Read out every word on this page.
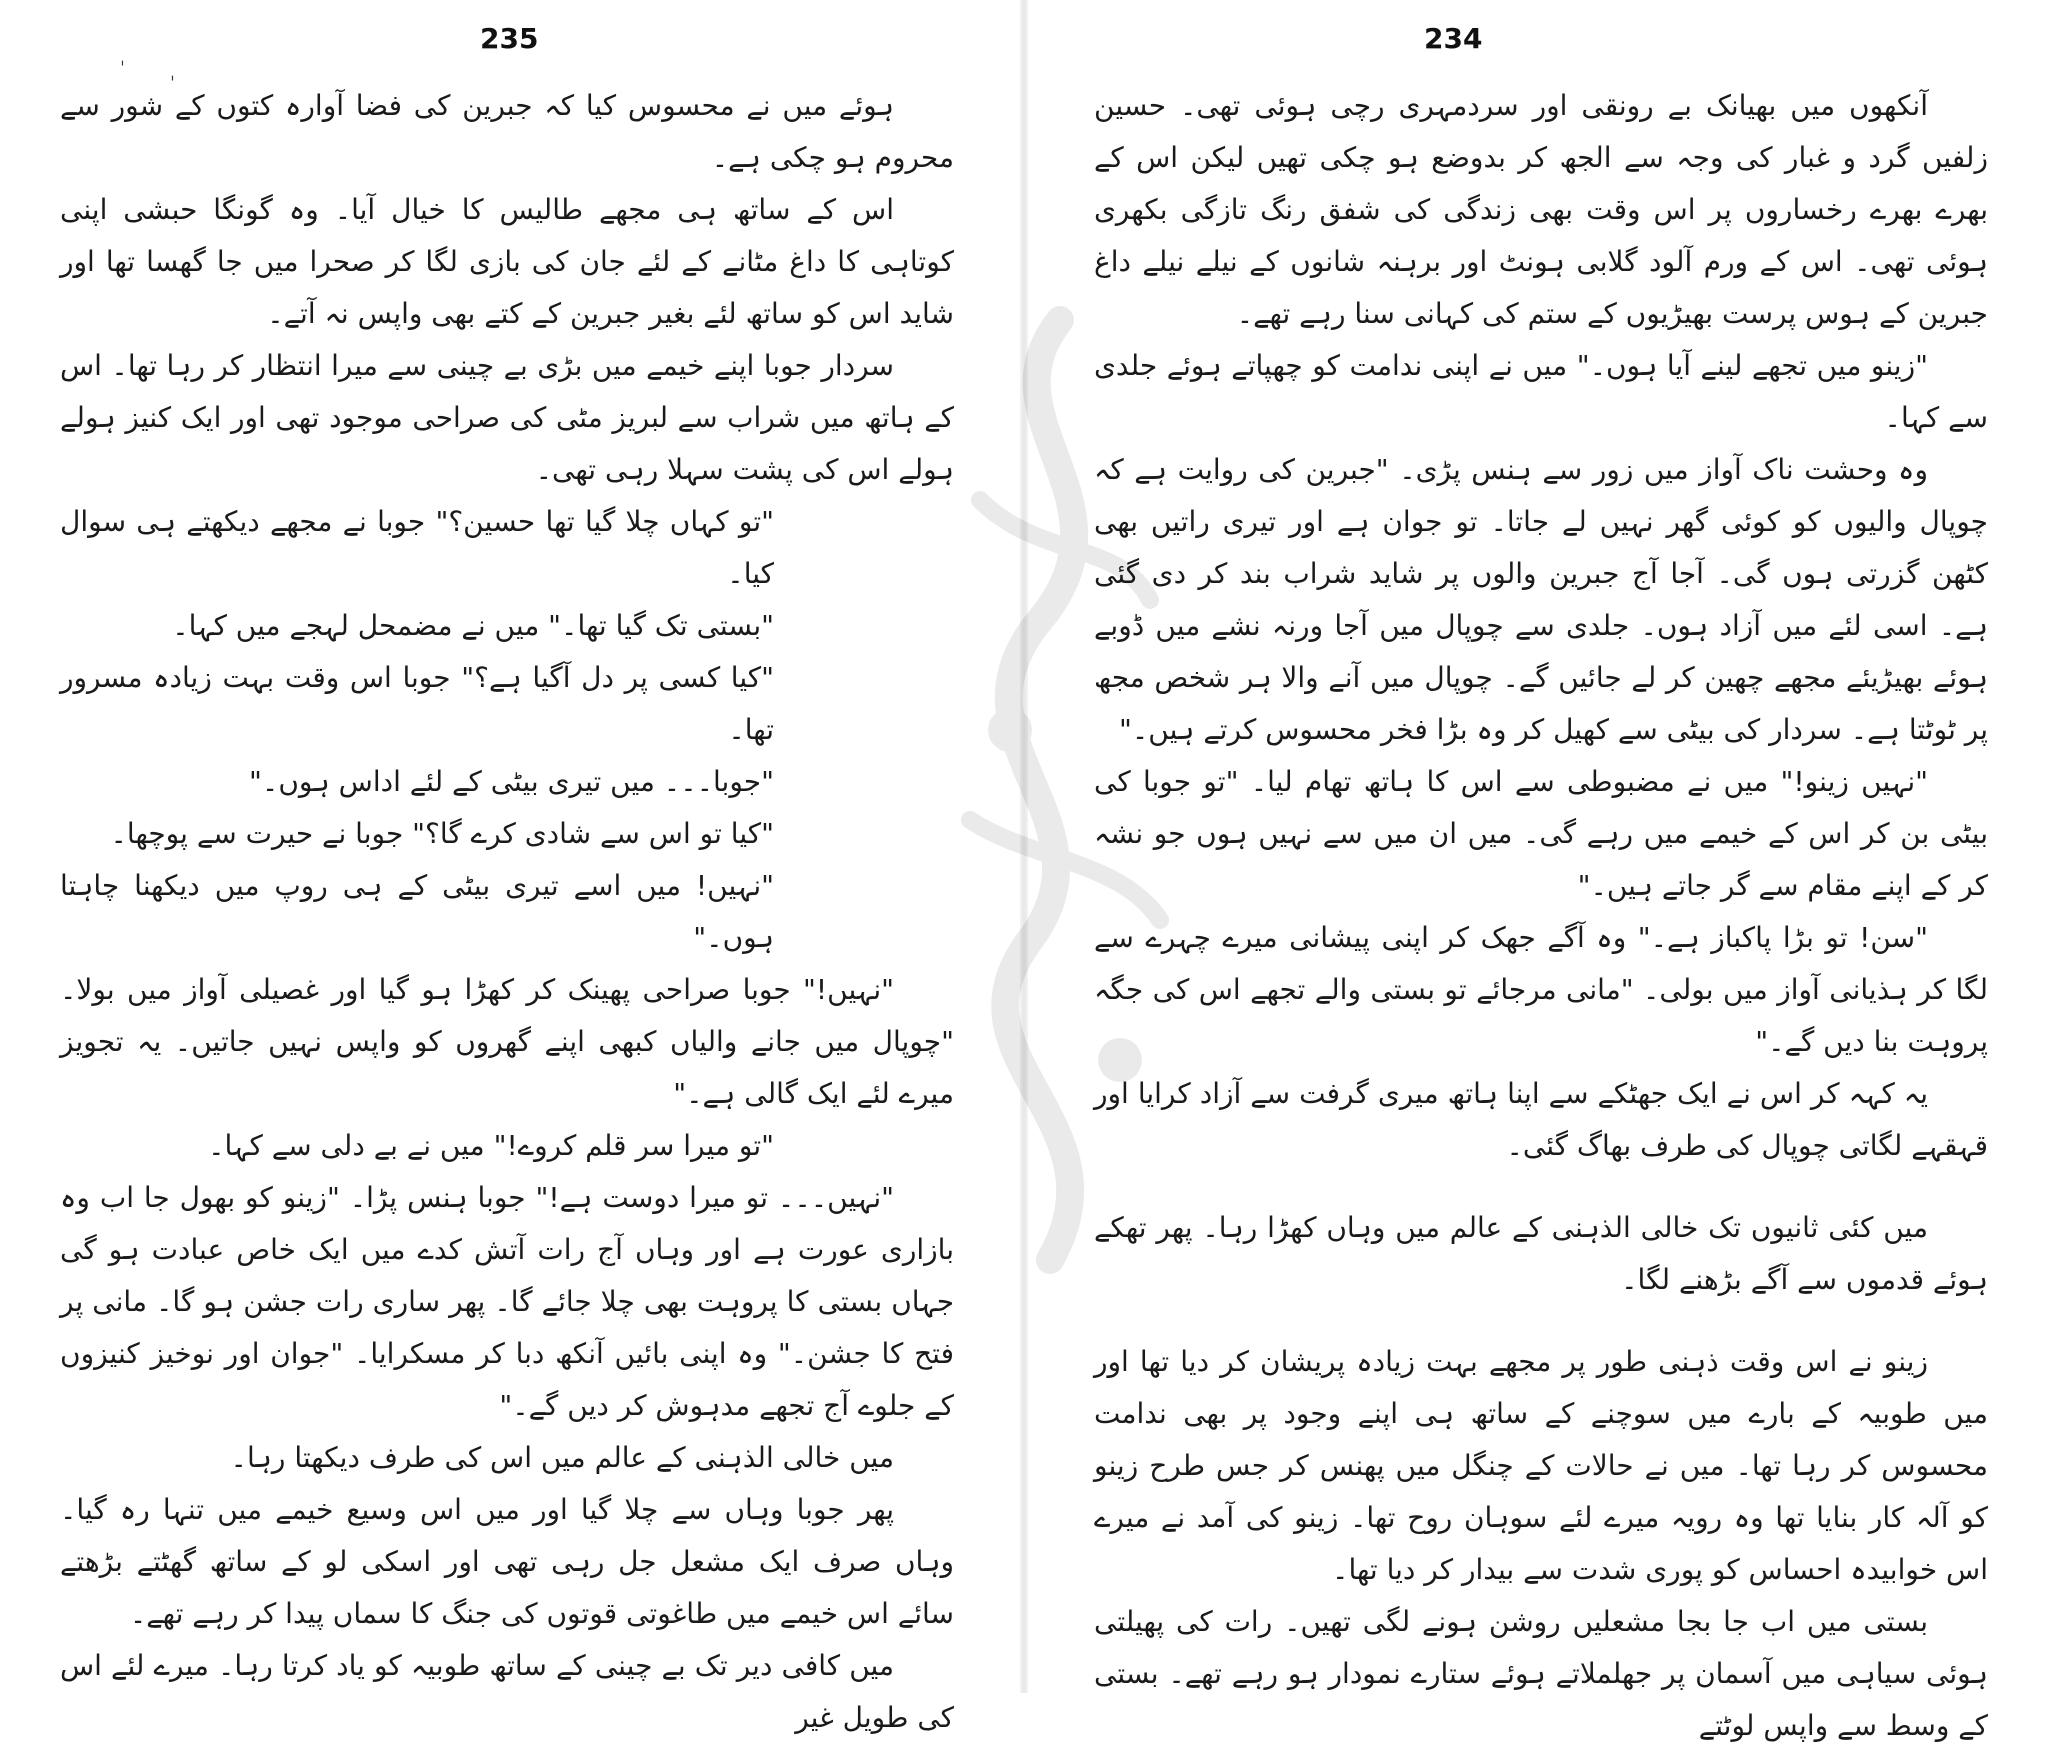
235
ˈ	ˌ

ہوئے میں نے محسوس کیا کہ جبرین کی فضا آوارہ کتوں کے شور سے محروم ہو چکی ہے۔

اس کے ساتھ ہی مجھے طالیس کا خیال آیا۔ وہ گونگا حبشی اپنی کوتاہی کا داغ مٹانے کے لئے جان کی بازی لگا کر صحرا میں جا گھسا تھا اور شاید اس کو ساتھ لئے بغیر جبرین کے کتے بھی واپس نہ آتے۔

سردار جوبا اپنے خیمے میں بڑی بے چینی سے میرا انتظار کر رہا تھا۔ اس کے ہاتھ میں شراب سے لبریز مٹی کی صراحی موجود تھی اور ایک کنیز ہولے ہولے اس کی پشت سہلا رہی تھی۔

"تو کہاں چلا گیا تھا حسین؟" جوبا نے مجھے دیکھتے ہی سوال کیا۔

"بستی تک گیا تھا۔" میں نے مضمحل لہجے میں کہا۔

"کیا کسی پر دل آگیا ہے؟" جوبا اس وقت بہت زیادہ مسرور تھا۔

"جوبا۔۔۔ میں تیری بیٹی کے لئے اداس ہوں۔"

"کیا تو اس سے شادی کرے گا؟" جوبا نے حیرت سے پوچھا۔

"نہیں! میں اسے تیری بیٹی کے ہی روپ میں دیکھنا چاہتا ہوں۔"

"نہیں!" جوبا صراحی پھینک کر کھڑا ہو گیا اور غصیلی آواز میں بولا۔ "چوپال میں جانے والیاں کبھی اپنے گھروں کو واپس نہیں جاتیں۔ یہ تجویز میرے لئے ایک گالی ہے۔"

"تو میرا سر قلم کروے!" میں نے بے دلی سے کہا۔

"نہیں۔۔۔ تو میرا دوست ہے!" جوبا ہنس پڑا۔ "زینو کو بھول جا اب وہ بازاری عورت ہے اور وہاں آج رات آتش کدے میں ایک خاص عبادت ہو گی جہاں بستی کا پروہت بھی چلا جائے گا۔ پھر ساری رات جشن ہو گا۔ مانی پر فتح کا جشن۔" وہ اپنی بائیں آنکھ دبا کر مسکرایا۔ "جوان اور نوخیز کنیزوں کے جلوے آج تجھے مدہوش کر دیں گے۔"

میں خالی الذہنی کے عالم میں اس کی طرف دیکھتا رہا۔

پھر جوبا وہاں سے چلا گیا اور میں اس وسیع خیمے میں تنہا رہ گیا۔ وہاں صرف ایک مشعل جل رہی تھی اور اسکی لو کے ساتھ گھٹتے بڑھتے سائے اس خیمے میں طاغوتی قوتوں کی جنگ کا سماں پیدا کر رہے تھے۔

میں کافی دیر تک بے چینی کے ساتھ طوبیہ کو یاد کرتا رہا۔ میرے لئے اس کی طویل غیر

234

آنکھوں میں بھیانک بے رونقی اور سردمہری رچی ہوئی تھی۔ حسین زلفیں گرد و غبار کی وجہ سے الجھ کر بدوضع ہو چکی تھیں لیکن اس کے بھرے بھرے رخساروں پر اس وقت بھی زندگی کی شفق رنگ تازگی بکھری ہوئی تھی۔ اس کے ورم آلود گلابی ہونٹ اور برہنہ شانوں کے نیلے نیلے داغ جبرین کے ہوس پرست بھیڑیوں کے ستم کی کہانی سنا رہے تھے۔

"زینو میں تجھے لینے آیا ہوں۔" میں نے اپنی ندامت کو چھپاتے ہوئے جلدی سے کہا۔

وہ وحشت ناک آواز میں زور سے ہنس پڑی۔ "جبرین کی روایت ہے کہ چوپال والیوں کو کوئی گھر نہیں لے جاتا۔ تو جوان ہے اور تیری راتیں بھی کٹھن گزرتی ہوں گی۔ آجا آج جبرین والوں پر شاید شراب بند کر دی گئی ہے۔ اسی لئے میں آزاد ہوں۔ جلدی سے چوپال میں آجا ورنہ نشے میں ڈوبے ہوئے بھیڑیئے مجھے چھین کر لے جائیں گے۔ چوپال میں آنے والا ہر شخص مجھ پر ٹوٹتا ہے۔ سردار کی بیٹی سے کھیل کر وہ بڑا فخر محسوس کرتے ہیں۔"

"نہیں زینو!" میں نے مضبوطی سے اس کا ہاتھ تھام لیا۔ "تو جوبا کی بیٹی بن کر اس کے خیمے میں رہے گی۔ میں ان میں سے نہیں ہوں جو نشہ کر کے اپنے مقام سے گر جاتے ہیں۔"

"سن! تو بڑا پاکباز ہے۔" وہ آگے جھک کر اپنی پیشانی میرے چہرے سے لگا کر ہذیانی آواز میں بولی۔ "مانی مرجائے تو بستی والے تجھے اس کی جگہ پروہت بنا دیں گے۔"

یہ کہہ کر اس نے ایک جھٹکے سے اپنا ہاتھ میری گرفت سے آزاد کرایا اور قہقہے لگاتی چوپال کی طرف بھاگ گئی۔

میں کئی ثانیوں تک خالی الذہنی کے عالم میں وہاں کھڑا رہا۔ پھر تھکے ہوئے قدموں سے آگے بڑھنے لگا۔

زینو نے اس وقت ذہنی طور پر مجھے بہت زیادہ پریشان کر دیا تھا اور میں طوبیہ کے بارے میں سوچنے کے ساتھ ہی اپنے وجود پر بھی ندامت محسوس کر رہا تھا۔ میں نے حالات کے چنگل میں پھنس کر جس طرح زینو کو آلہ کار بنایا تھا وہ رویہ میرے لئے سوہان روح تھا۔ زینو کی آمد نے میرے اس خوابیدہ احساس کو پوری شدت سے بیدار کر دیا تھا۔

بستی میں اب جا بجا مشعلیں روشن ہونے لگی تھیں۔ رات کی پھیلتی ہوئی سیاہی میں آسمان پر جھلملاتے ہوئے ستارے نمودار ہو رہے تھے۔ بستی کے وسط سے واپس لوٹتے
